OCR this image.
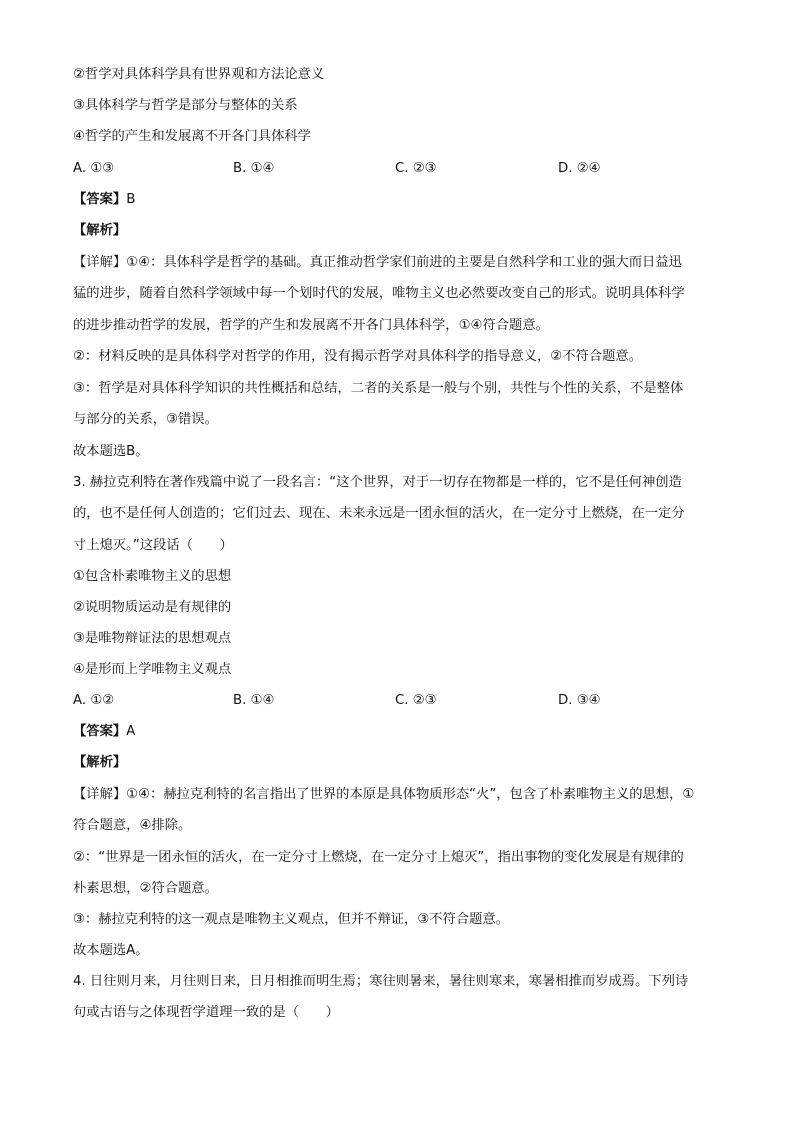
②哲学对具体科学具有世界观和方法论意义
③具体科学与哲学是部分与整体的关系
④哲学的产生和发展离不开各门具体科学
A. ①③	B. ①④	C. ②③	D. ②④
【答案】B
【解析】
【详解】①④：具体科学是哲学的基础。真正推动哲学家们前进的主要是自然科学和工业的强大而日益迅
猛的进步，随着自然科学领域中每一个划时代的发展，唯物主义也必然要改变自己的形式。说明具体科学
的进步推动哲学的发展，哲学的产生和发展离不开各门具体科学，①④符合题意。
②：材料反映的是具体科学对哲学的作用，没有揭示哲学对具体科学的指导意义，②不符合题意。
③：哲学是对具体科学知识的共性概括和总结，二者的关系是一般与个别，共性与个性的关系，不是整体
与部分的关系，③错误。
故本题选B。
3. 赫拉克利特在著作残篇中说了一段名言：“这个世界，对于一切存在物都是一样的，它不是任何神创造
的，也不是任何人创造的；它们过去、现在、未来永远是一团永恒的活火，在一定分寸上燃烧，在一定分
寸上熄灭。”这段话（　　）
①包含朴素唯物主义的思想
②说明物质运动是有规律的
③是唯物辩证法的思想观点
④是形而上学唯物主义观点
A. ①②	B. ①④	C. ②③	D. ③④
【答案】A
【解析】
【详解】①④：赫拉克利特的名言指出了世界的本原是具体物质形态“火”，包含了朴素唯物主义的思想，①
符合题意，④排除。
②：“世界是一团永恒的活火，在一定分寸上燃烧，在一定分寸上熄灭”，指出事物的变化发展是有规律的
朴素思想，②符合题意。
③：赫拉克利特的这一观点是唯物主义观点，但并不辩证，③不符合题意。
故本题选A。
4. 日往则月来，月往则日来，日月相推而明生焉；寒往则暑来，暑往则寒来，寒暑相推而岁成焉。下列诗
句或古语与之体现哲学道理一致的是（　　）
